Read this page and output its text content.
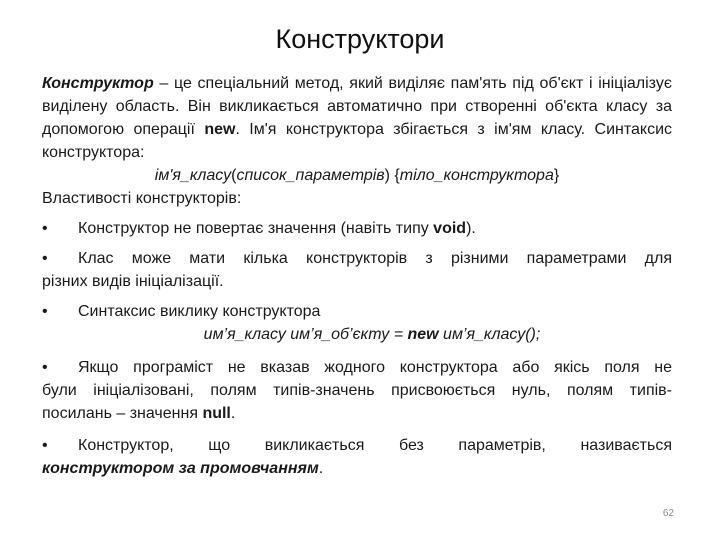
Конструктори

Конструктор – це спеціальний метод, який виділяє пам'ять під об'єкт і ініціалізує виділену область. Він викликається автоматично при створенні об'єкта класу за допомогою операції new. Ім'я конструктора збігається з ім'ям класу. Синтаксис конструктора:

ім'я_класу(список_параметрів) {тіло_конструктора}

Властивості конструкторів:

•	Конструктор не повертає значення (навіть типу void).
•	Клас може мати кілька конструкторів з різними параметрами для

різних видів ініціалізації.

•	Синтаксис виклику конструктора

им’я_класу им’я_об’єкту = new им’я_класу();

•	Якщо програміст не вказав жодного конструктора або якісь поля не

були ініціалізовані, полям типів-значень присвоюється нуль, полям типів-

посилань – значення null.

•	Конструктор, що викликається без параметрів, називається

конструктором за промовчанням.

62
